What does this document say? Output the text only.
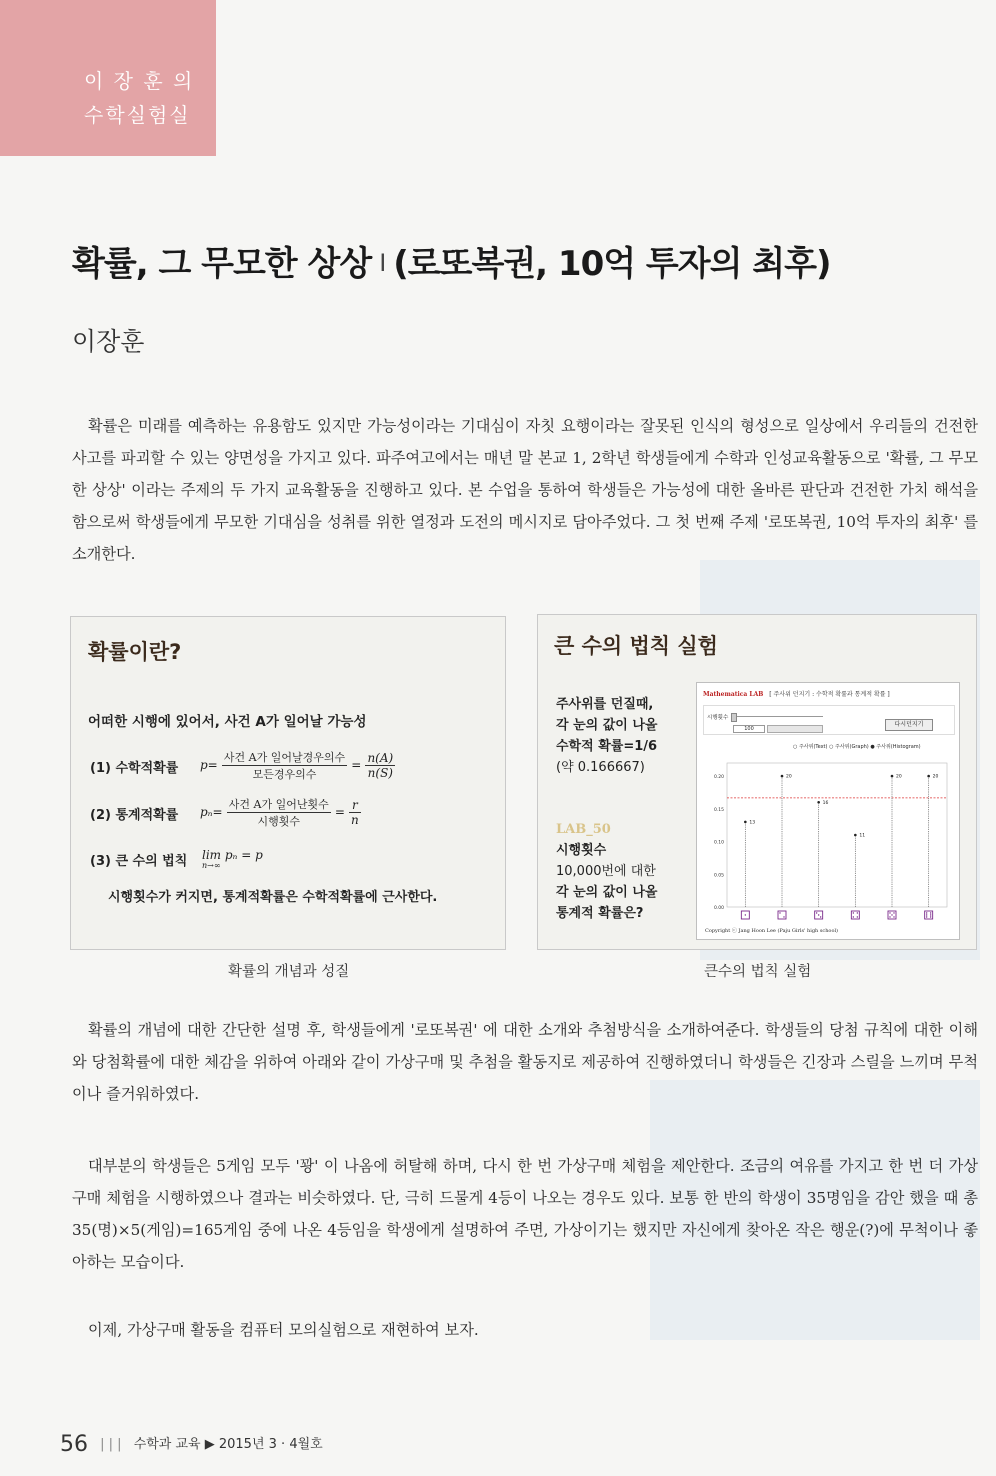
이 장 훈 의
수학실험실
확률, 그 무모한 상상 I (로또복권, 10억 투자의 최후)
이장훈

확률은 미래를 예측하는 유용함도 있지만 가능성이라는 기대심이 자칫 요행이라는 잘못된 인식의 형성으로 일상에서 우리들의 건전한 사고를 파괴할 수 있는 양면성을 가지고 있다. 파주여고에서는 매년 말 본교 1, 2학년 학생들에게 수학과 인성교육활동으로 '확률, 그 무모한 상상' 이라는 주제의 두 가지 교육활동을 진행하고 있다. 본 수업을 통하여 학생들은 가능성에 대한 올바른 판단과 건전한 가치 해석을 함으로써 학생들에게 무모한 기대심을 성취를 위한 열정과 도전의 메시지로 담아주었다. 그 첫 번째 주제 '로또복권, 10억 투자의 최후' 를 소개한다.

확률이란?
어떠한 시행에 있어서, 사건 A가 일어날 가능성
(1) 수학적확률 $p= \frac{\text{사건 A가 일어날경우의수}}{\text{모든경우의수}} = \frac{n(A)}{n(S)}$
(2) 통계적확률 $p_n= \frac{\text{사건 A가 일어난횟수}}{\text{시행횟수}} = \frac{r}{n}$
(3) 큰 수의 법칙 lim pₙ = p
n→∞
시행횟수가 커지면, 통계적확률은 수학적확률에 근사한다.
확률의 개념과 성질
큰 수의 법칙 실험
주사위를 던질때,
각 눈의 값이 나올
수학적 확률=1/6
(약 0.166667)
LAB_50
시행횟수
10,000번에 대한
각 눈의 값이 나올
통계적 확률은?
Mathematica LAB [ 주사위 던지기 : 수학적 확률과 통계적 확률 ]
시행횟수
100
다시던지기
○ 주사위(Text) ○ 주사위(Graph) ● 주사위(Histogram)
0.20
0.15
0.10
0.05
0.00
13
20
16
11
20	20
Copyright ⓒ Jang Hoon Lee (Paju Girls' high school)
큰수의 법칙 실험

확률의 개념에 대한 간단한 설명 후, 학생들에게 '로또복권' 에 대한 소개와 추첨방식을 소개하여준다. 학생들의 당첨 규칙에 대한 이해와 당첨확률에 대한 체감을 위하여 아래와 같이 가상구매 및 추첨을 활동지로 제공하여 진행하였더니 학생들은 긴장과 스릴을 느끼며 무척이나 즐거워하였다.

대부분의 학생들은 5게임 모두 '꽝' 이 나옴에 허탈해 하며, 다시 한 번 가상구매 체험을 제안한다. 조금의 여유를 가지고 한 번 더 가상구매 체험을 시행하였으나 결과는 비슷하였다. 단, 극히 드물게 4등이 나오는 경우도 있다. 보통 한 반의 학생이 35명임을 감안 했을 때 총 35(명)×5(게임)=165게임 중에 나온 4등임을 학생에게 설명하여 주면, 가상이기는 했지만 자신에게 찾아온 작은 행운(?)에 무척이나 좋아하는 모습이다.

이제, 가상구매 활동을 컴퓨터 모의실험으로 재현하여 보자.

56 | | | 수학과 교육 ▶ 2015년 3 · 4월호
